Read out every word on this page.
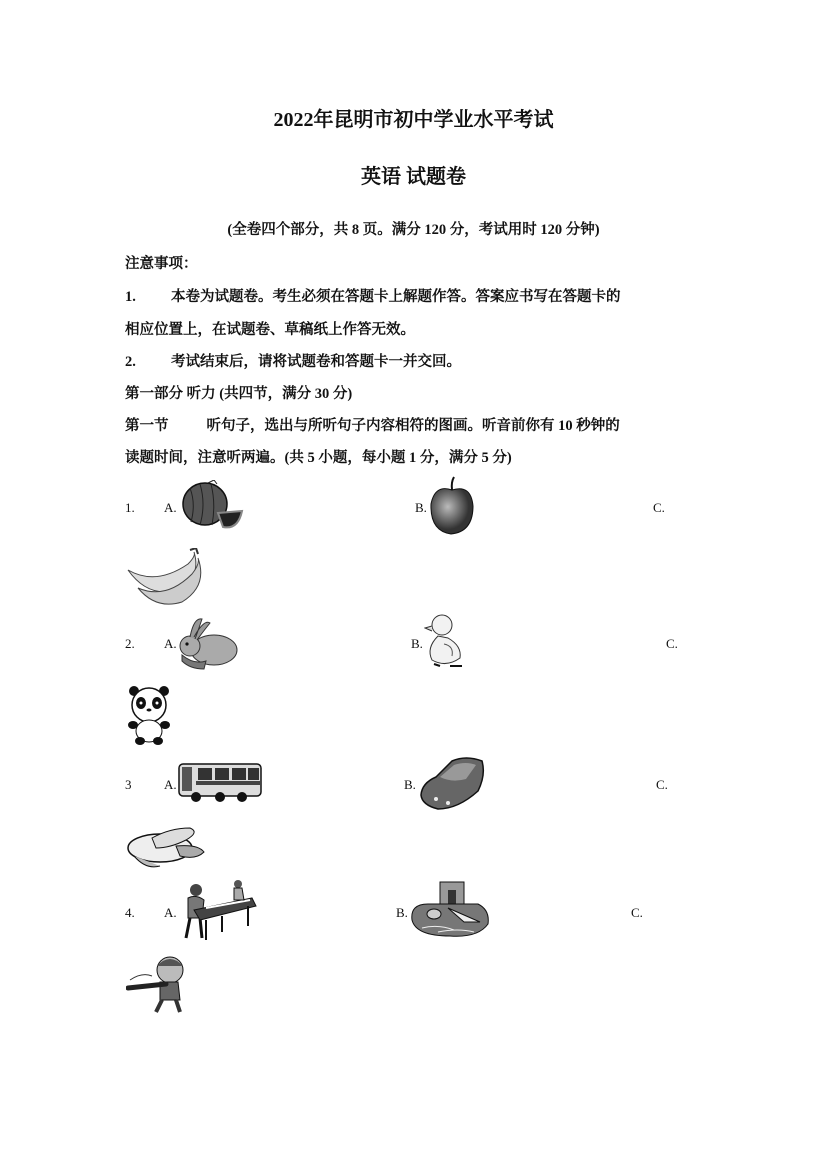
2022年昆明市初中学业水平考试
英语 试题卷
(全卷四个部分，共 8 页。满分 120 分，考试用时 120 分钟)
注意事项：
1. 本卷为试题卷。考生必须在答题卡上解题作答。答案应书写在答题卡的
相应位置上，在试题卷、草稿纸上作答无效。
2. 考试结束后，请将试题卷和答题卡一并交回。
第一部分 听力 (共四节，满分 30 分)
第一节	听句子，选出与所听句子内容相符的图画。听音前你有 10 秒钟的
读题时间，注意听两遍。(共 5 小题，每小题 1 分，满分 5 分)
1. A.	B.	C.
2. A.	B.	C.
3	A.	B.	C.
4. A.	B.	C.
